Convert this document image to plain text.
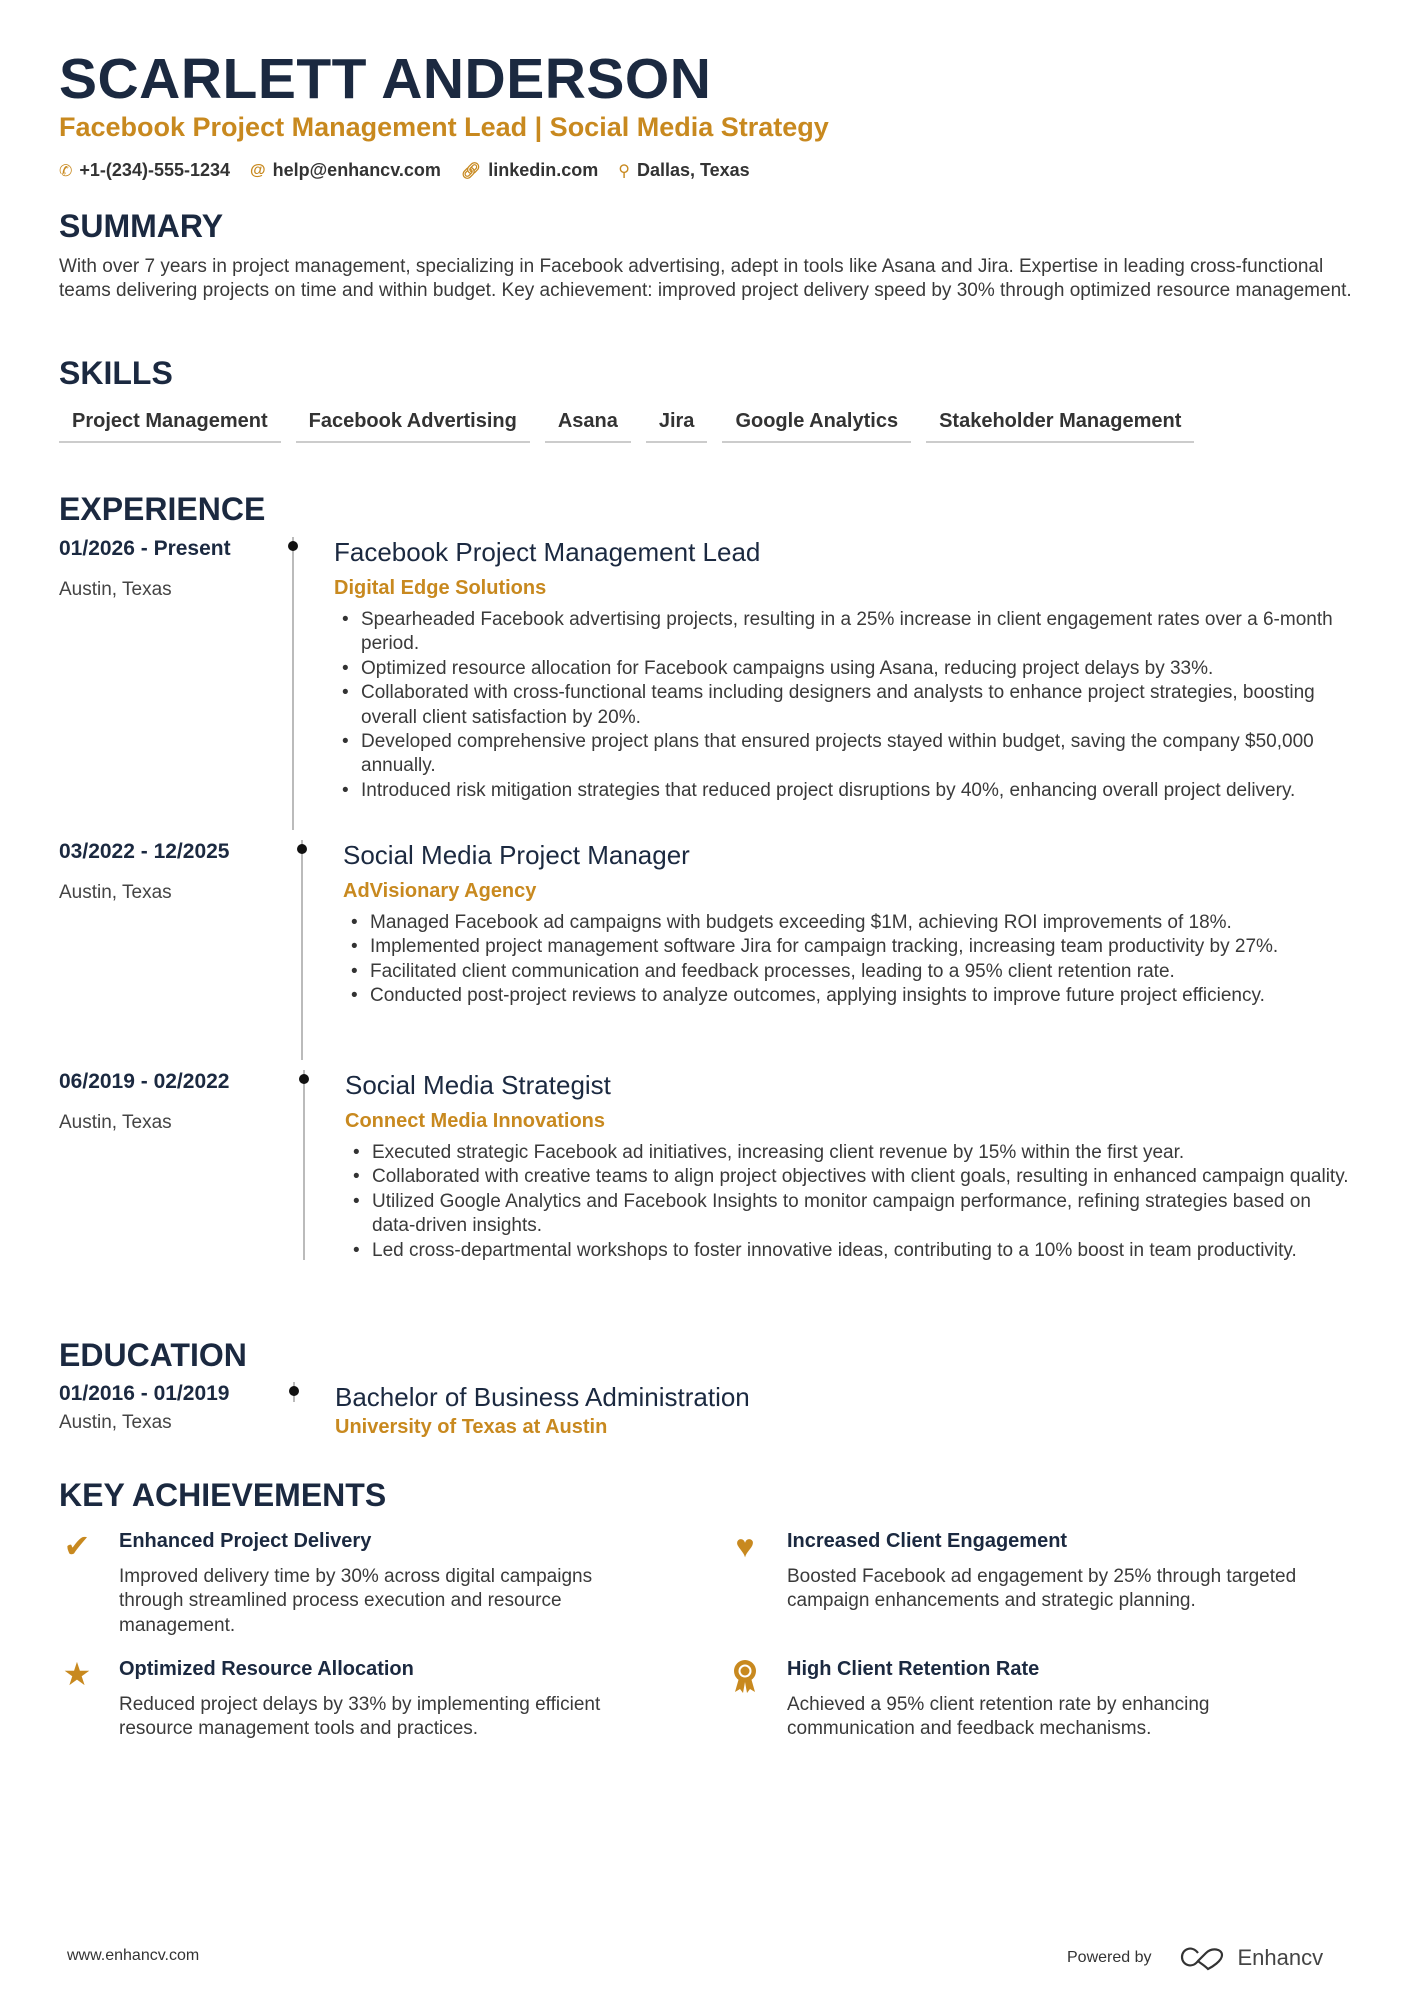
SCARLETT ANDERSON
Facebook Project Management Lead | Social Media Strategy
✆ +1-(234)-555-1234 @ help@enhancv.com 🔗︎ linkedin.com ⚲ Dallas, Texas
SUMMARY
With over 7 years in project management, specializing in Facebook advertising, adept in tools like Asana and Jira. Expertise in leading cross-functional teams delivering projects on time and within budget. Key achievement: improved project delivery speed by 30% through optimized resource management.
SKILLS
Project Management	Facebook Advertising	Asana	Jira	Google Analytics	Stakeholder Management
EXPERIENCE
01/2026 - Present
Austin, Texas
Facebook Project Management Lead
Digital Edge Solutions
• Spearheaded Facebook advertising projects, resulting in a 25% increase in client engagement rates over a 6-month period.
• Optimized resource allocation for Facebook campaigns using Asana, reducing project delays by 33%.
• Collaborated with cross-functional teams including designers and analysts to enhance project strategies, boosting overall client satisfaction by 20%.
• Developed comprehensive project plans that ensured projects stayed within budget, saving the company $50,000 annually.
• Introduced risk mitigation strategies that reduced project disruptions by 40%, enhancing overall project delivery.
03/2022 - 12/2025
Austin, Texas
Social Media Project Manager
AdVisionary Agency
• Managed Facebook ad campaigns with budgets exceeding $1M, achieving ROI improvements of 18%.
• Implemented project management software Jira for campaign tracking, increasing team productivity by 27%.
• Facilitated client communication and feedback processes, leading to a 95% client retention rate.
• Conducted post-project reviews to analyze outcomes, applying insights to improve future project efficiency.
06/2019 - 02/2022
Austin, Texas
Social Media Strategist
Connect Media Innovations
• Executed strategic Facebook ad initiatives, increasing client revenue by 15% within the first year.
• Collaborated with creative teams to align project objectives with client goals, resulting in enhanced campaign quality.
• Utilized Google Analytics and Facebook Insights to monitor campaign performance, refining strategies based on data-driven insights.
• Led cross-departmental workshops to foster innovative ideas, contributing to a 10% boost in team productivity.
EDUCATION
01/2016 - 01/2019
Austin, Texas
Bachelor of Business Administration
University of Texas at Austin
KEY ACHIEVEMENTS
✔ Enhanced Project Delivery
Improved delivery time by 30% across digital campaigns through streamlined process execution and resource management.
♥	Increased Client Engagement
Boosted Facebook ad engagement by 25% through targeted campaign enhancements and strategic planning.
★ Optimized Resource Allocation
Reduced project delays by 33% by implementing efficient resource management tools and practices.
High Client Retention Rate
Achieved a 95% client retention rate by enhancing communication and feedback mechanisms.
www.enhancv.com	Powered by	Enhancv
